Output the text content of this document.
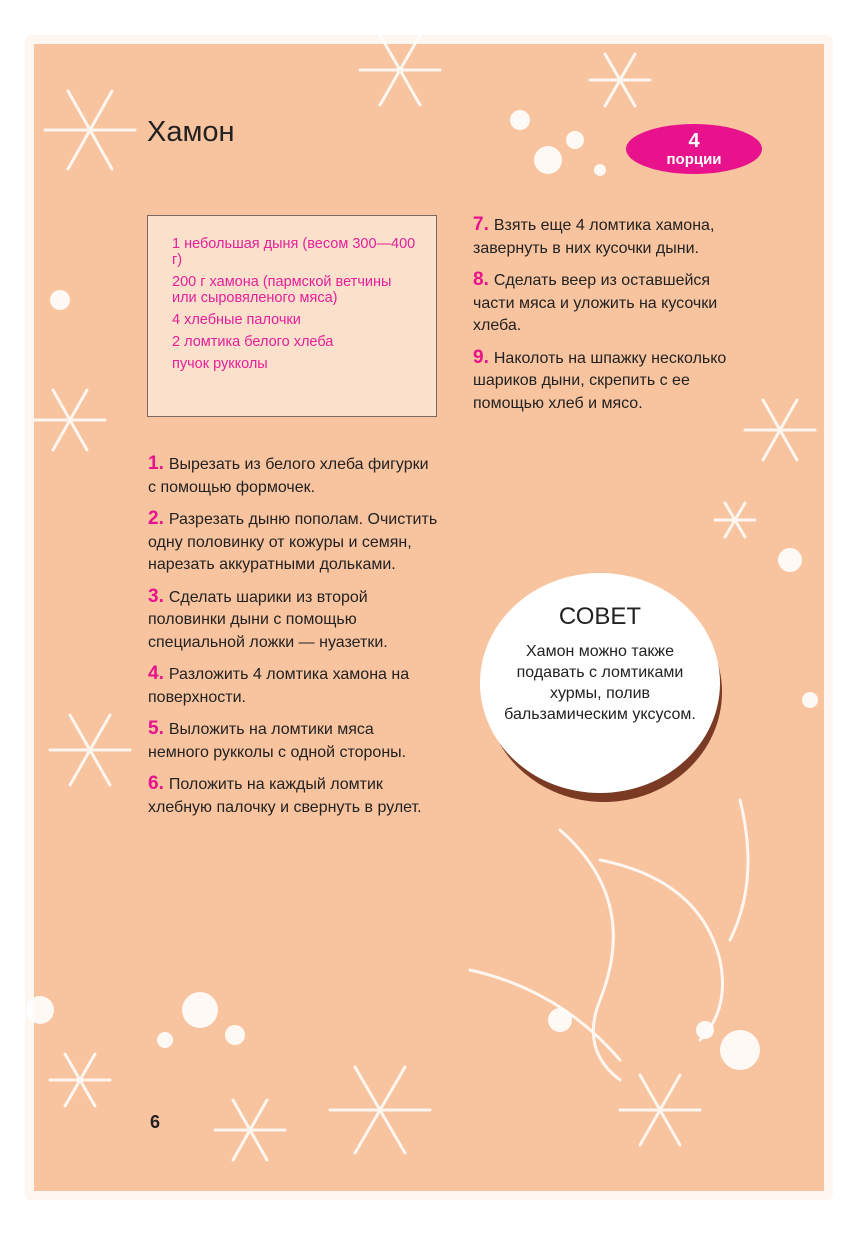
Хамон	4
порции
1 небольшая дыня (весом 300—400 г)
200 г хамона (пармской ветчины или сыровяленого мяса)
4 хлебные палочки
2 ломтика белого хлеба
пучок рукколы
1. Вырезать из белого хлеба фигурки с помощью формочек.
2. Разрезать дыню пополам. Очистить одну половинку от кожуры и семян, нарезать аккуратными дольками.
3. Сделать шарики из второй половинки дыни с помощью специальной ложки — нуазетки.
4. Разложить 4 ломтика хамона на поверхности.
5. Выложить на ломтики мяса немного рукколы с одной стороны.
6. Положить на каждый ломтик хлебную палочку и свернуть в рулет.
7. Взять еще 4 ломтика хамона, завернуть в них кусочки дыни.
8. Сделать веер из оставшейся части мяса и уложить на кусочки хлеба.
9. Наколоть на шпажку несколько шариков дыни, скрепить с ее помощью хлеб и мясо.
СОВЕТ
Хамон можно также подавать с ломтиками хурмы, полив бальзамическим уксусом.
6
